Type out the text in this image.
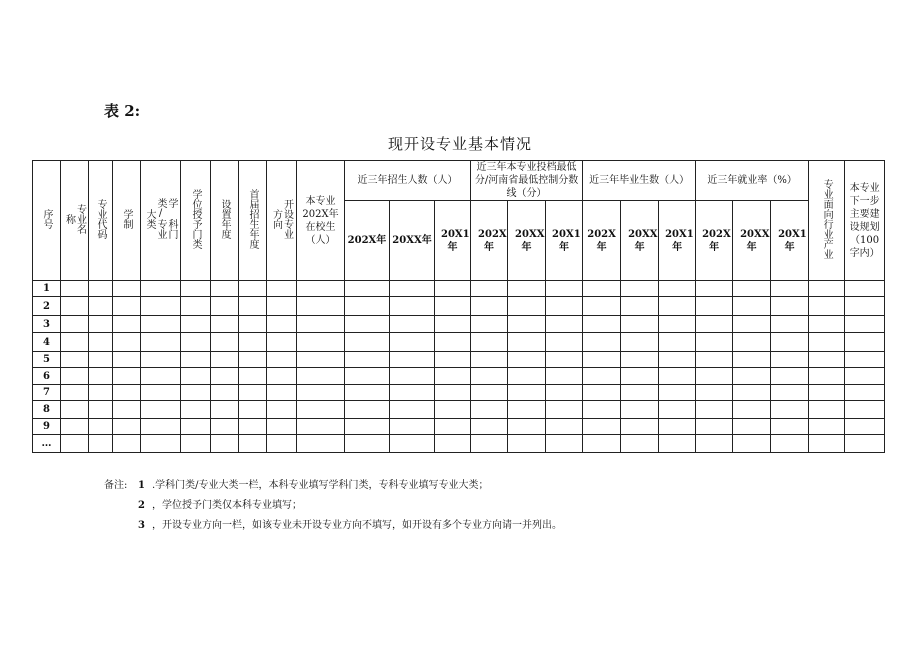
表 2:
现开设专业基本情况
序号	专业名称	专业代码	学制	学 科门类/专业大类	学位授予门类	设置年度	首届招生年度	开设专业方向	本专业202X年在校生（人）	近三年招生人数（人）			近三年本专业投档最低分/河南省最低控制分数线（分）			近三年毕业生数（人）			近三年就业率（%）			专业面向行业产业	本专业下一步主要建设规划（100字内）
										202X年	20XX年	20X1年	202X年	20XX年	20X1年	202X年	20XX年	20X1年	202X年	20XX年	20X1年		
1																							
2																							
3																							
4																							
5																							
6																							
7																							
8																							
9																							
…																							
备注: 1 .学科门类/专业大类一栏，本科专业填写学科门类，专科专业填写专业大类；
2 ，学位授予门类仅本科专业填写；
3 ，开设专业方向一栏，如该专业未开设专业方向不填写，如开设有多个专业方向请一并列出。
